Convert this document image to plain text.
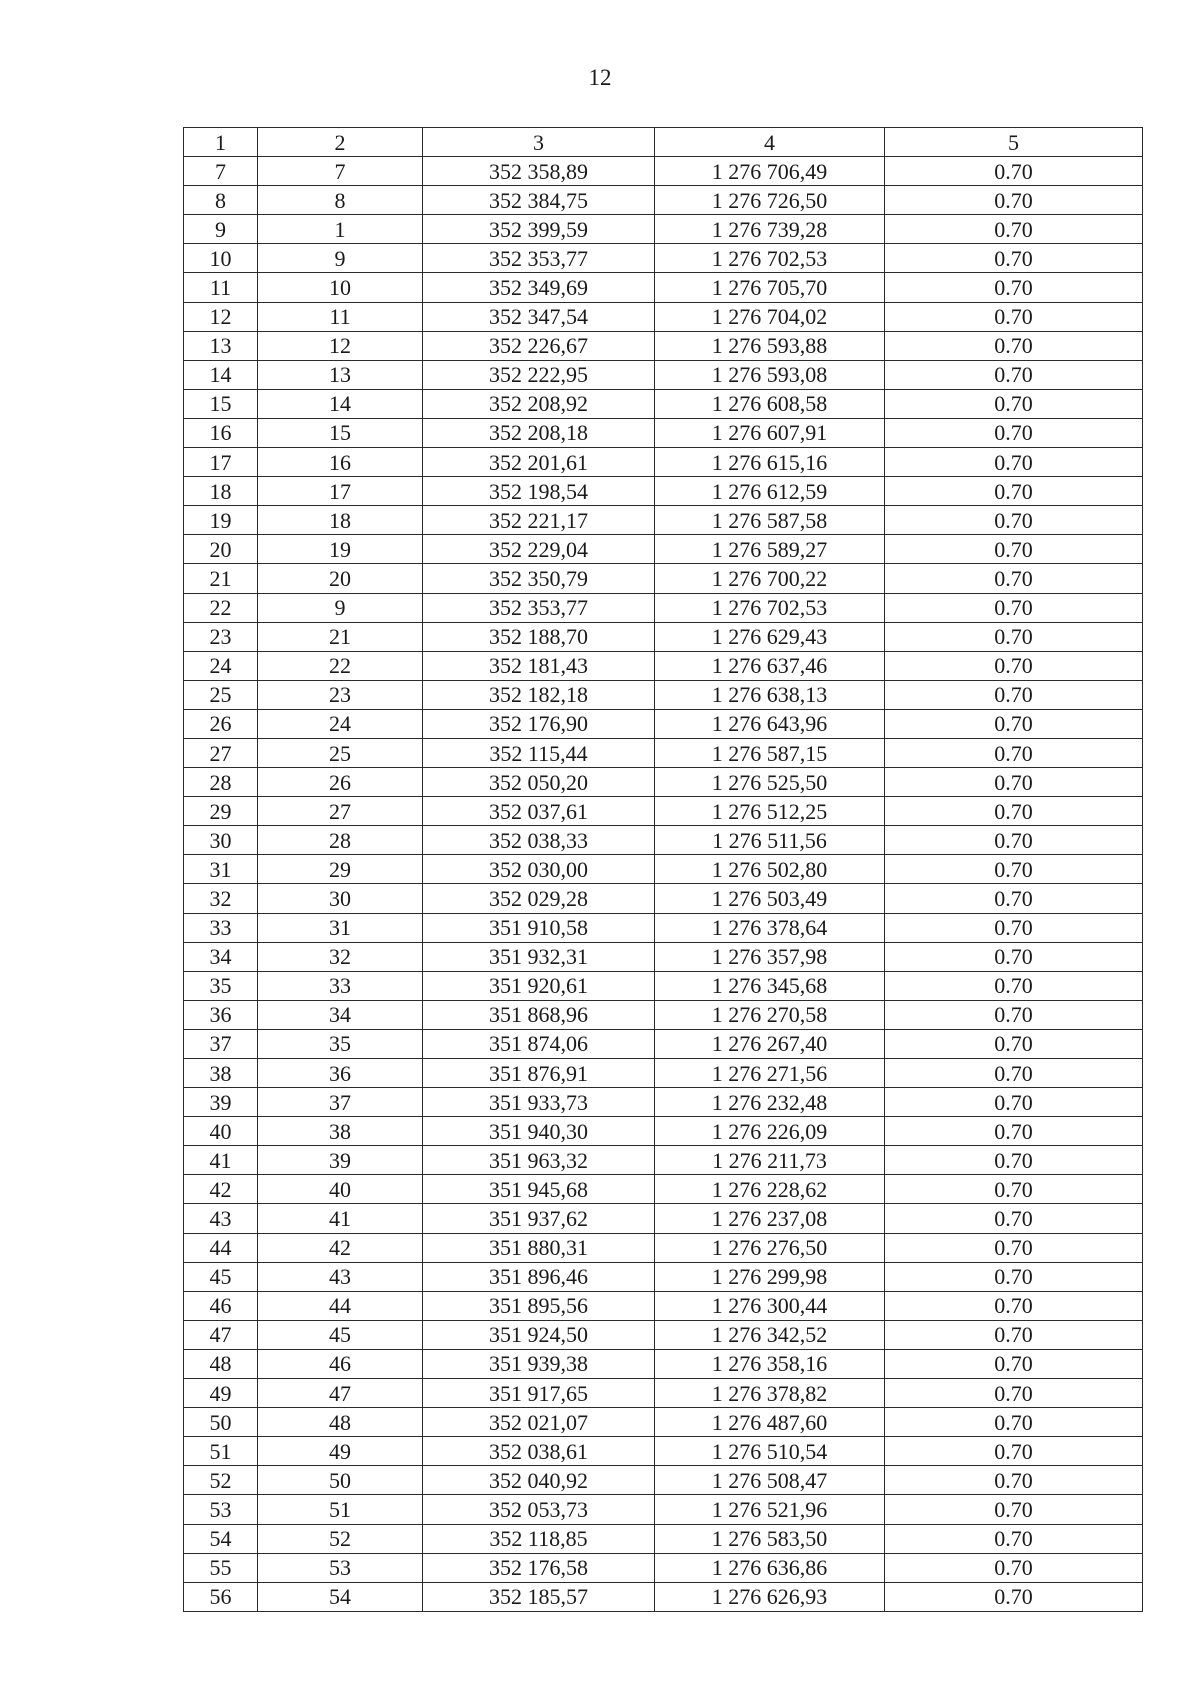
12
1	2	3	4	5
7	7	352 358,89	1 276 706,49	0.70
8	8	352 384,75	1 276 726,50	0.70
9	1	352 399,59	1 276 739,28	0.70
10	9	352 353,77	1 276 702,53	0.70
11	10	352 349,69	1 276 705,70	0.70
12	11	352 347,54	1 276 704,02	0.70
13	12	352 226,67	1 276 593,88	0.70
14	13	352 222,95	1 276 593,08	0.70
15	14	352 208,92	1 276 608,58	0.70
16	15	352 208,18	1 276 607,91	0.70
17	16	352 201,61	1 276 615,16	0.70
18	17	352 198,54	1 276 612,59	0.70
19	18	352 221,17	1 276 587,58	0.70
20	19	352 229,04	1 276 589,27	0.70
21	20	352 350,79	1 276 700,22	0.70
22	9	352 353,77	1 276 702,53	0.70
23	21	352 188,70	1 276 629,43	0.70
24	22	352 181,43	1 276 637,46	0.70
25	23	352 182,18	1 276 638,13	0.70
26	24	352 176,90	1 276 643,96	0.70
27	25	352 115,44	1 276 587,15	0.70
28	26	352 050,20	1 276 525,50	0.70
29	27	352 037,61	1 276 512,25	0.70
30	28	352 038,33	1 276 511,56	0.70
31	29	352 030,00	1 276 502,80	0.70
32	30	352 029,28	1 276 503,49	0.70
33	31	351 910,58	1 276 378,64	0.70
34	32	351 932,31	1 276 357,98	0.70
35	33	351 920,61	1 276 345,68	0.70
36	34	351 868,96	1 276 270,58	0.70
37	35	351 874,06	1 276 267,40	0.70
38	36	351 876,91	1 276 271,56	0.70
39	37	351 933,73	1 276 232,48	0.70
40	38	351 940,30	1 276 226,09	0.70
41	39	351 963,32	1 276 211,73	0.70
42	40	351 945,68	1 276 228,62	0.70
43	41	351 937,62	1 276 237,08	0.70
44	42	351 880,31	1 276 276,50	0.70
45	43	351 896,46	1 276 299,98	0.70
46	44	351 895,56	1 276 300,44	0.70
47	45	351 924,50	1 276 342,52	0.70
48	46	351 939,38	1 276 358,16	0.70
49	47	351 917,65	1 276 378,82	0.70
50	48	352 021,07	1 276 487,60	0.70
51	49	352 038,61	1 276 510,54	0.70
52	50	352 040,92	1 276 508,47	0.70
53	51	352 053,73	1 276 521,96	0.70
54	52	352 118,85	1 276 583,50	0.70
55	53	352 176,58	1 276 636,86	0.70
56	54	352 185,57	1 276 626,93	0.70
